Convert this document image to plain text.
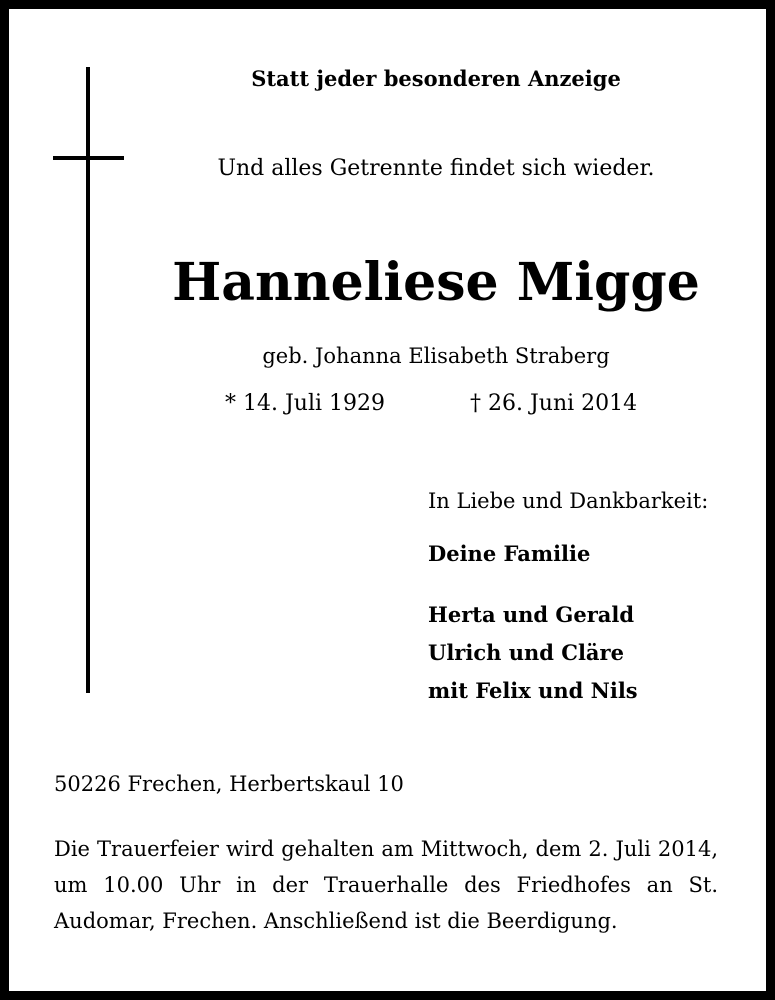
Statt jeder besonderen Anzeige
Und alles Getrennte findet sich wieder.
Hanneliese Migge
geb. Johanna Elisabeth Straberg
* 14. Juli 1929	† 26. Juni 2014
In Liebe und Dankbarkeit:
Deine Familie
Herta und Gerald
Ulrich und Cläre
mit Felix und Nils
50226 Frechen, Herbertskaul 10
Die Trauerfeier wird gehalten am Mittwoch, dem 2. Juli 2014, um 10.00 Uhr in der Trauerhalle des Friedhofes an St. Audomar, Frechen. Anschließend ist die Beerdigung.
